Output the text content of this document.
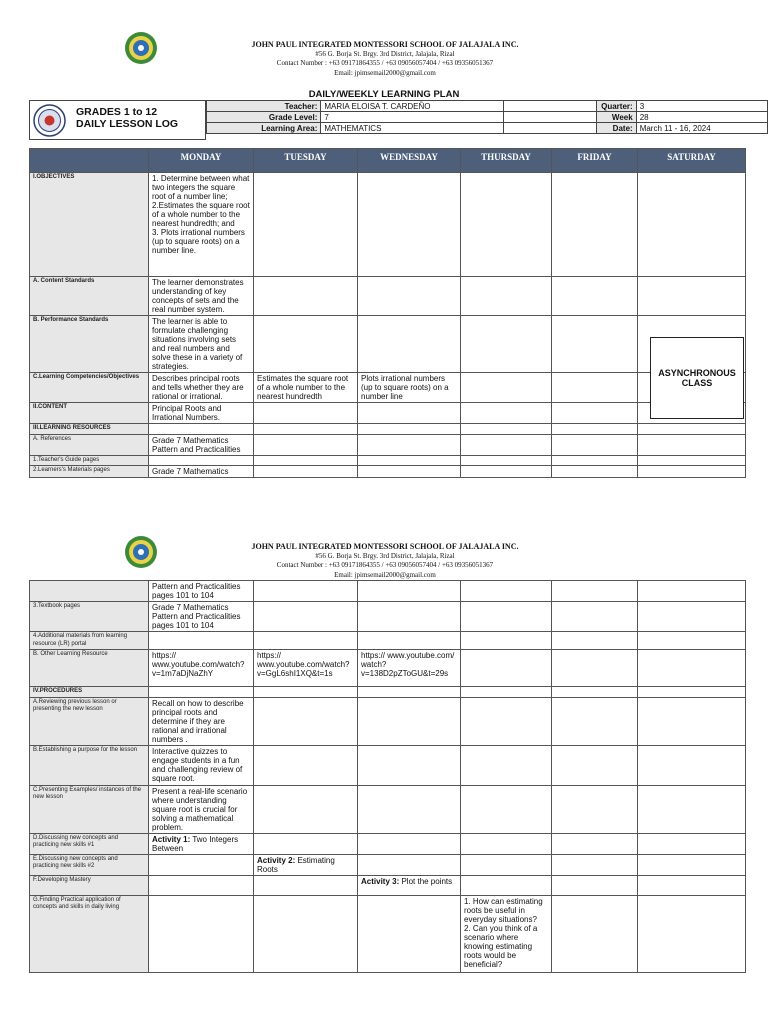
JOHN PAUL INTEGRATED MONTESSORI SCHOOL OF JALAJALA INC.
#56 G. Borja St. Brgy. 3rd District, Jalajala, Rizal
Contact Number : +63 09171864355 / +63 09056057404 / +63 09356051367
Email: jpimsemail2000@gmail.com
DAILY/WEEKLY LEARNING PLAN
GRADES 1 to 12
DAILY LESSON LOG
Teacher:	MARIA ELOISA T. CARDEÑO		Quarter:	3
Grade Level:	7		Week	28
Learning Area:	MATHEMATICS		Date:	March 11 - 16, 2024
	MONDAY	TUESDAY	WEDNESDAY	THURSDAY	FRIDAY	SATURDAY
I.OBJECTIVES	1. Determine between what two integers the square root of a number line;
2.Estimates the square root of a whole number to the nearest hundredth; and
3. Plots irrational numbers (up to square roots) on a number line.					
A. Content Standards	The learner demonstrates understanding of key concepts of sets and the real number system.					
B. Performance Standards	The learner is able to formulate challenging situations involving sets and real numbers and solve these in a variety of strategies.					
C.Learning Competencies/Objectives	Describes principal roots and tells whether they are rational or irrational.	Estimates the square root of a whole number to the nearest hundredth	Plots irrational numbers (up to square roots) on a number line			
II.CONTENT	Principal Roots and Irrational Numbers.					
III.LEARNING RESOURCES						
A. References	Grade 7 Mathematics Pattern and Practicalities					
1.Teacher's Guide pages						
2.Learners's Materials pages	Grade 7 Mathematics					
ASYNCHRONOUS CLASS
JOHN PAUL INTEGRATED MONTESSORI SCHOOL OF JALAJALA INC.
#56 G. Borja St. Brgy. 3rd District, Jalajala, Rizal
Contact Number : +63 09171864355 / +63 09056057404 / +63 09356051367
Email: jpimsemail2000@gmail.com
	Pattern and Practicalities pages 101 to 104					
3.Textbook pages	Grade 7 Mathematics Pattern and Practicalities pages 101 to 104					
4.Additional materials from learning resource (LR) portal						
B. Other Learning Resource	https:// www.youtube.com/watch? v=1m7aDjNaZhY	https:// www.youtube.com/watch? v=GgL6shI1XQ&t=1s	https:// www.youtube.com/ watch? v=138D2pZToGU&t=29s			
IV.PROCEDURES						
A.Reviewing previous lesson or presenting the new lesson	Recall on how to describe principal roots and determine if they are rational and irrational numbers .					
B.Establishing a purpose for the lesson	Interactive quizzes to engage students in a fun and challenging review of square root.					
C.Presenting Examples/ instances of the new lesson	Present a real-life scenario where understanding square root is crucial for solving a mathematical problem.					
D.Discussing new concepts and practicing new skills #1	Activity 1: Two Integers Between					
E.Discussing new concepts and practicing new skills #2		Activity 2: Estimating Roots				
F.Developing Mastery			Activity 3: Plot the points			
G.Finding Practical application of concepts and skills in daily living				1. How can estimating roots be useful in everyday situations?
2. Can you think of a scenario where knowing estimating roots would be beneficial?		
